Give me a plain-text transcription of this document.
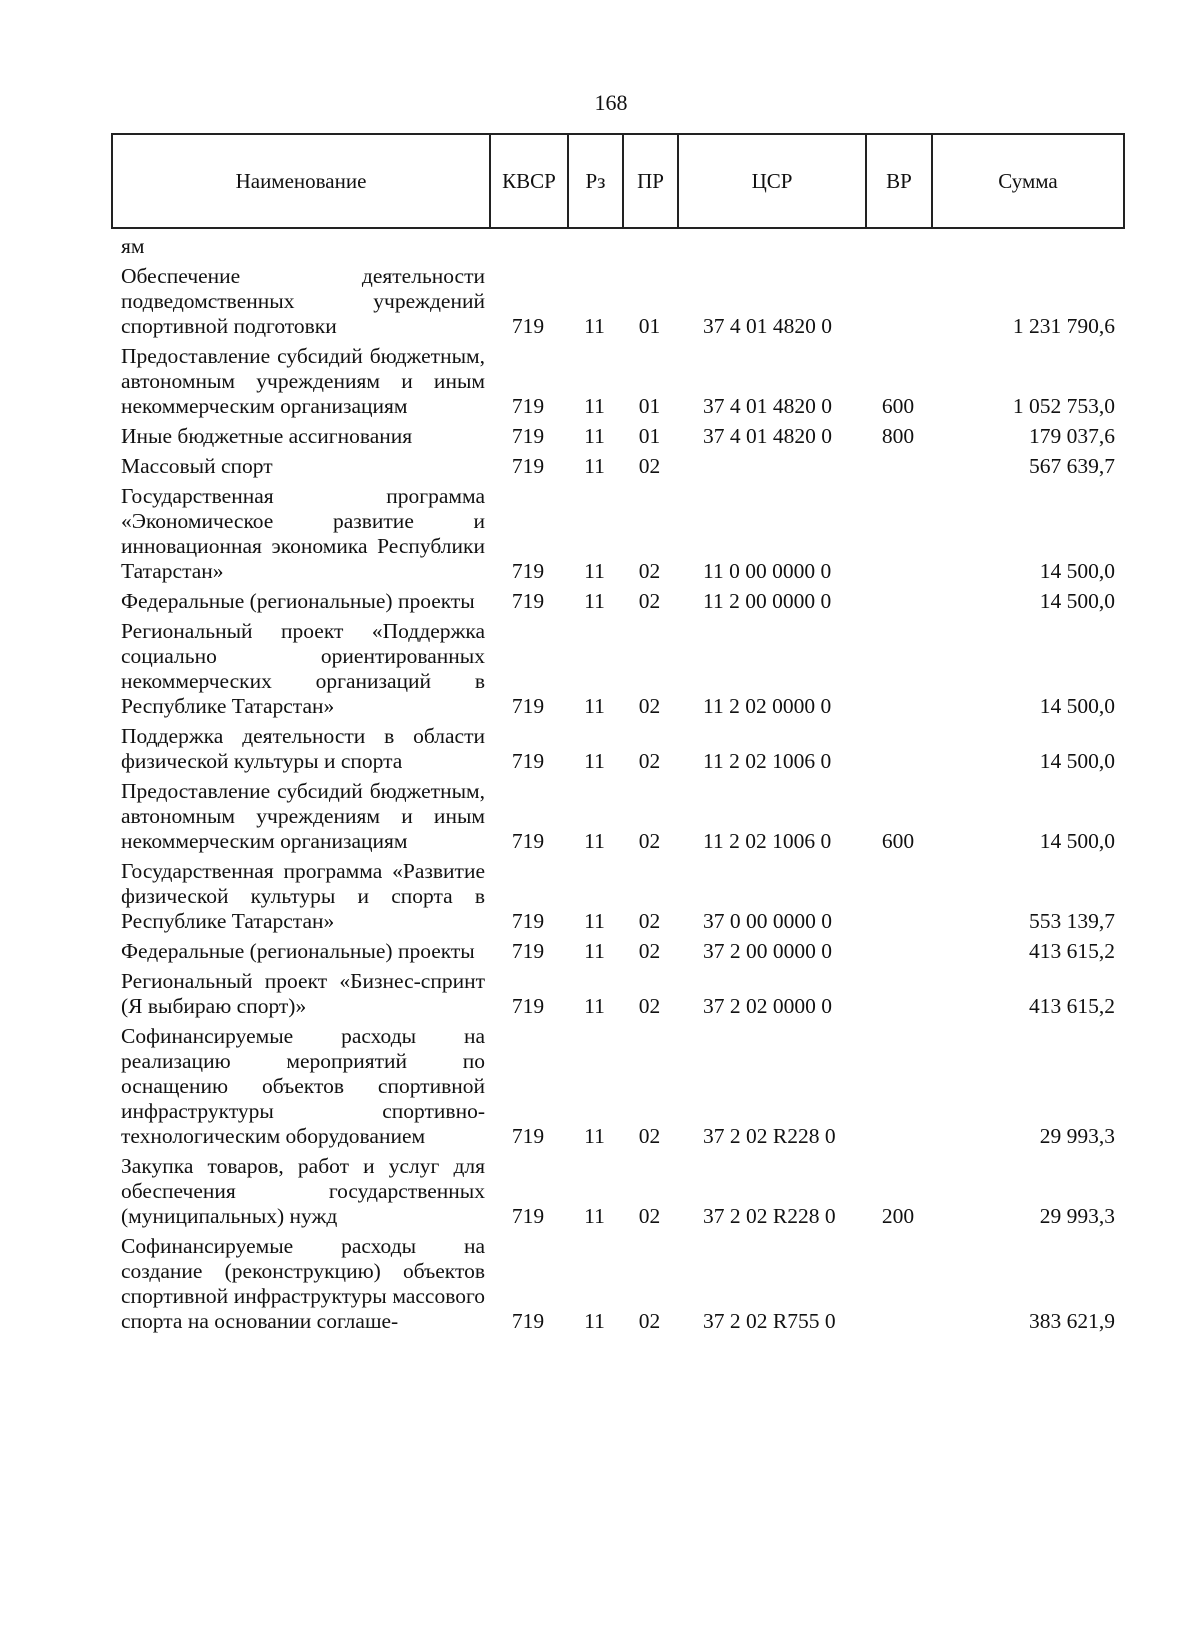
168
Наименование	КВСР	Рз	ПР	ЦСР	ВР	Сумма
ям						
Обеспечение деятельности подведомственных учреждений спортивной подготовки	719	11	01	37 4 01 4820 0		1 231 790,6
Предоставление субсидий бюджетным, автономным учреждениям и иным некоммерческим организациям	719	11	01	37 4 01 4820 0	600	1 052 753,0
Иные бюджетные ассигнования	719	11	01	37 4 01 4820 0	800	179 037,6
Массовый спорт	719	11	02			567 639,7
Государственная программа «Экономическое развитие и инновационная экономика Республики Татарстан»	719	11	02	11 0 00 0000 0		14 500,0
Федеральные (региональные) проекты	719	11	02	11 2 00 0000 0		14 500,0
Региональный проект «Поддержка социально ориентированных некоммерческих организаций в Республике Татарстан»	719	11	02	11 2 02 0000 0		14 500,0
Поддержка деятельности в области физической культуры и спорта	719	11	02	11 2 02 1006 0		14 500,0
Предоставление субсидий бюджетным, автономным учреждениям и иным некоммерческим организациям	719	11	02	11 2 02 1006 0	600	14 500,0
Государственная программа «Развитие физической культуры и спорта в Республике Татарстан»	719	11	02	37 0 00 0000 0		553 139,7
Федеральные (региональные) проекты	719	11	02	37 2 00 0000 0		413 615,2
Региональный проект «Бизнес-спринт (Я выбираю спорт)»	719	11	02	37 2 02 0000 0		413 615,2
Софинансируемые расходы на реализацию мероприятий по оснащению объектов спортивной инфраструктуры спортивно-технологическим оборудованием	719	11	02	37 2 02 R228 0		29 993,3
Закупка товаров, работ и услуг для обеспечения государственных (муниципальных) нужд	719	11	02	37 2 02 R228 0	200	29 993,3
Софинансируемые расходы на создание (реконструкцию) объектов спортивной инфраструктуры массового спорта на основании соглаше-	719	11	02	37 2 02 R755 0		383 621,9
